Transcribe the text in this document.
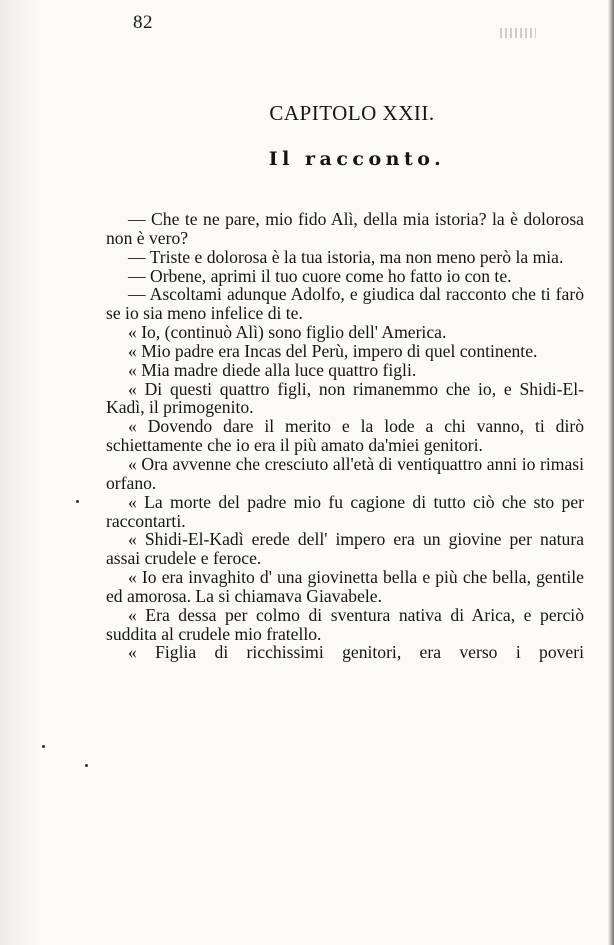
82
CAPITOLO XXII.
Il racconto.

— Che te ne pare, mio fido Alì, della mia istoria? la è dolorosa non è vero?

— Triste e dolorosa è la tua istoria, ma non meno però la mia.

— Orbene, aprimi il tuo cuore come ho fatto io con te.

— Ascoltami adunque Adolfo, e giudica dal racconto che ti farò se io sia meno infelice di te.

« Io, (continuò Alì) sono figlio dell' America.

« Mio padre era Incas del Perù, impero di quel continente.

« Mia madre diede alla luce quattro figli.

« Di questi quattro figli, non rimanemmo che io, e Shidi-El-Kadì, il primogenito.

« Dovendo dare il merito e la lode a chi vanno, ti dirò schiettamente che io era il più amato da'miei genitori.

« Ora avvenne che cresciuto all'età di ventiquattro anni io rimasi orfano.

« La morte del padre mio fu cagione di tutto ciò che sto per raccontarti.

« Shidi-El-Kadì erede dell' impero era un giovine per natura assai crudele e feroce.

« Io era invaghito d' una giovinetta bella e più che bella, gentile ed amorosa. La si chiamava Giavabele.

« Era dessa per colmo di sventura nativa di Arica, e perciò suddita al crudele mio fratello.

« Figlia di ricchissimi genitori, era verso i poveri
